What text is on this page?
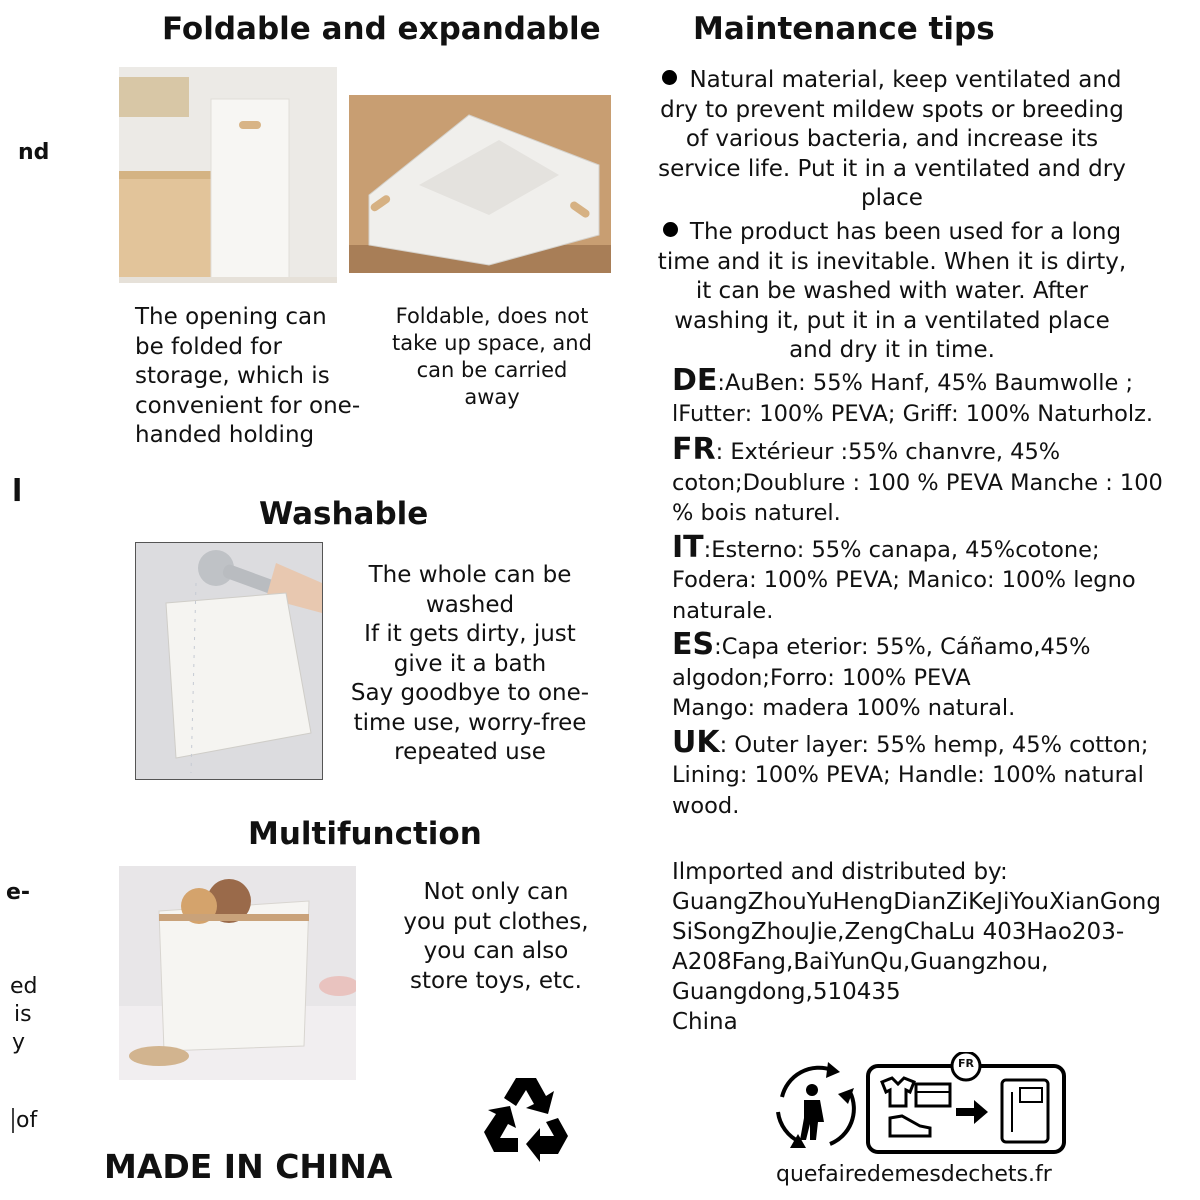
nd
l
e-
ed
is
y
of
Foldable and expandable
The opening can
be folded for
storage, which is
convenient for one-
handed holding
Foldable, does not
take up space, and
can be carried
away
Washable
The whole can be
washed
If it gets dirty, just
give it a bath
Say goodbye to one-
time use, worry-free
repeated use
Multifunction
Not only can
you put clothes,
you can also
store toys, etc.
MADE IN CHINA
Maintenance tips
Natural material, keep ventilated and dry to prevent mildew spots or breeding of various bacteria, and increase its service life. Put it in a ventilated and dry place
The product has been used for a long time and it is inevitable. When it is dirty, it can be washed with water. After washing it, put it in a ventilated place and dry it in time.
DE:AuBen: 55% Hanf, 45% Baumwolle ;
lFutter: 100% PEVA; Griff: 100% Naturholz.
FR: Extérieur :55% chanvre, 45%
coton;Doublure : 100 % PEVA Manche : 100
% bois naturel.
IT:Esterno: 55% canapa, 45%cotone;
Fodera: 100% PEVA; Manico: 100% legno
naturale.
ES:Capa eterior: 55%, Cáñamo,45%
algodon;Forro: 100% PEVA
Mango: madera 100% natural.
UK: Outer layer: 55% hemp, 45% cotton;
Lining: 100% PEVA; Handle: 100% natural
wood.
Ilmported and distributed by:
GuangZhouYuHengDianZiKeJiYouXianGong
SiSongZhouJie,ZengChaLu 403Hao203-
A208Fang,BaiYunQu,Guangzhou,
Guangdong,510435
China
FR
quefairedemesdechets.fr
